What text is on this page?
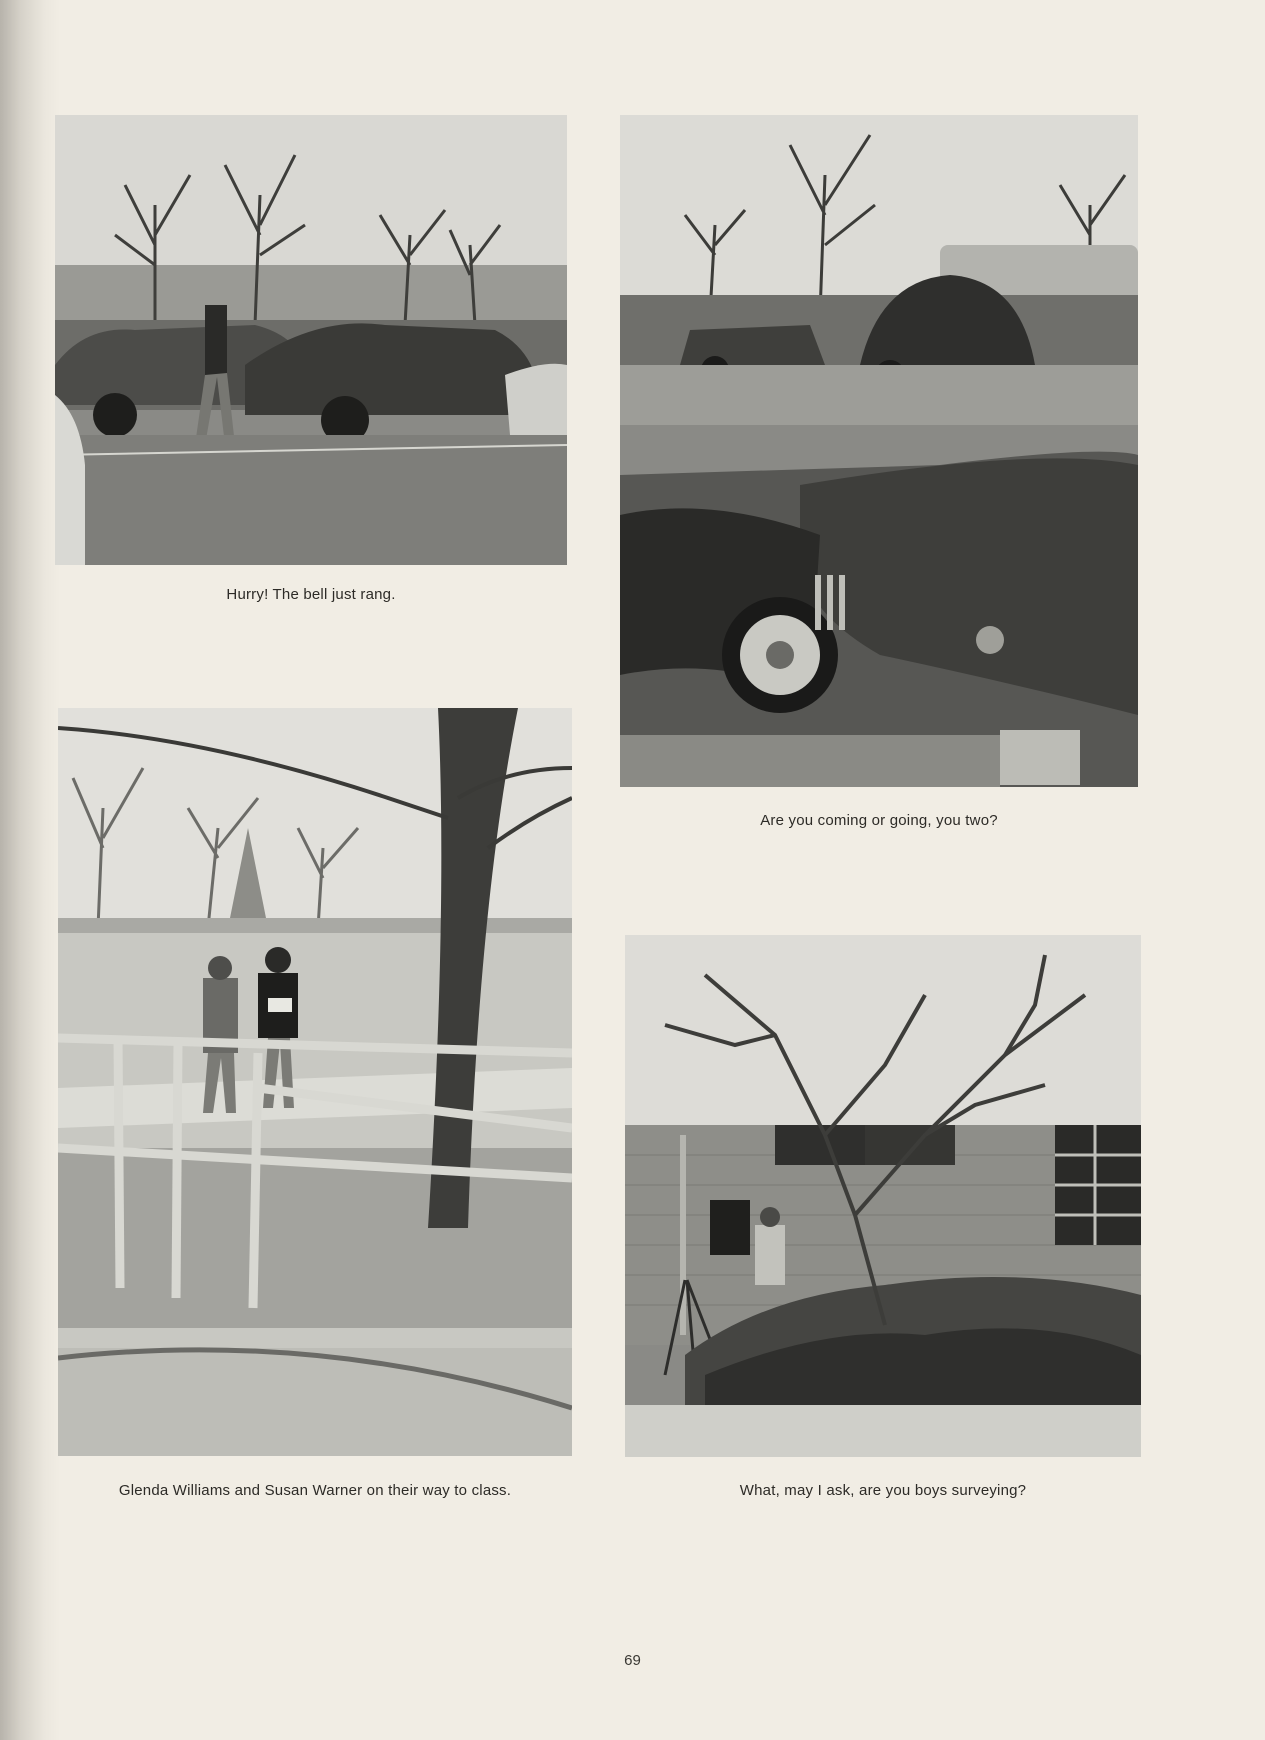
Hurry! The bell just rang.
Are you coming or going, you two?
Glenda Williams and Susan Warner on their way to class.	What, may I ask, are you boys surveying?
69
